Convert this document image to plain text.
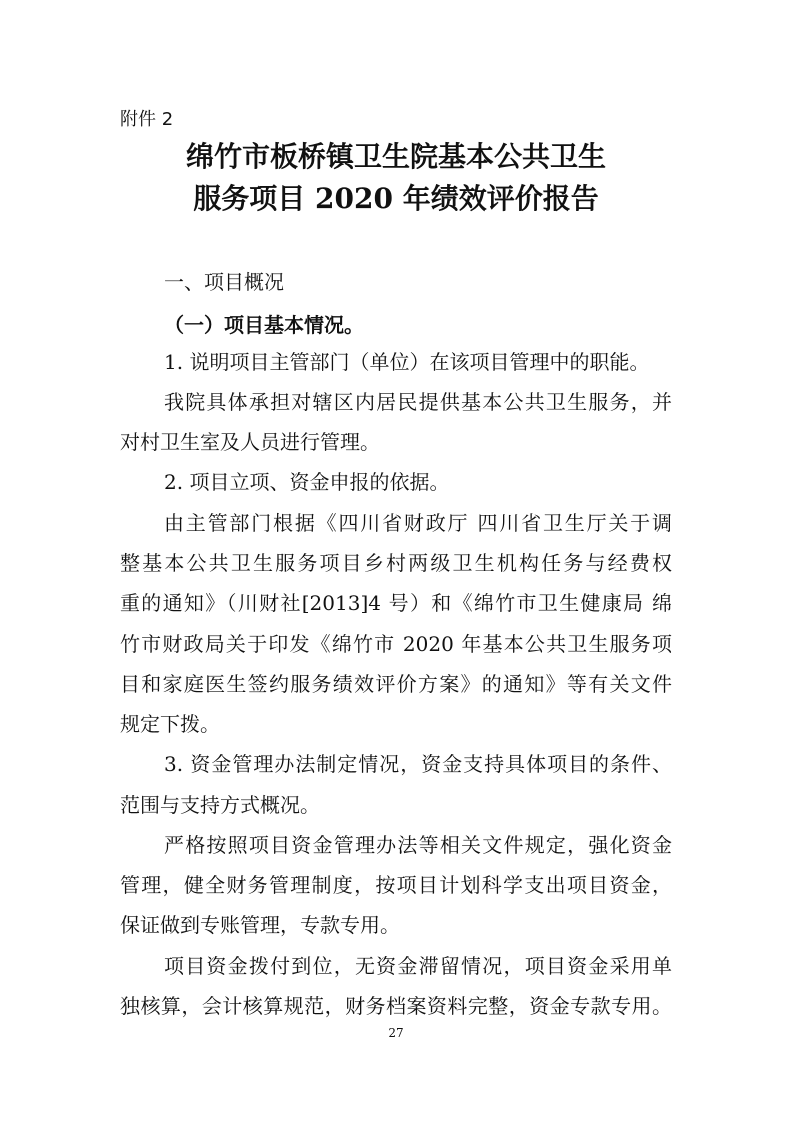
附件 2
绵竹市板桥镇卫生院基本公共卫生
服务项目 2020 年绩效评价报告
一、项目概况
（一）项目基本情况。
1. 说明项目主管部门（单位）在该项目管理中的职能。
我院具体承担对辖区内居民提供基本公共卫生服务，并
对村卫生室及人员进行管理。
2. 项目立项、资金申报的依据。
由主管部门根据《四川省财政厅 四川省卫生厅关于调
整基本公共卫生服务项目乡村两级卫生机构任务与经费权
重的通知》（川财社[2013]4 号）和《绵竹市卫生健康局 绵
竹市财政局关于印发《绵竹市 2020 年基本公共卫生服务项
目和家庭医生签约服务绩效评价方案》的通知》等有关文件
规定下拨。
3. 资金管理办法制定情况，资金支持具体项目的条件、
范围与支持方式概况。
严格按照项目资金管理办法等相关文件规定，强化资金
管理，健全财务管理制度，按项目计划科学支出项目资金，
保证做到专账管理，专款专用。
项目资金拨付到位，无资金滞留情况，项目资金采用单
独核算，会计核算规范，财务档案资料完整，资金专款专用。
27
